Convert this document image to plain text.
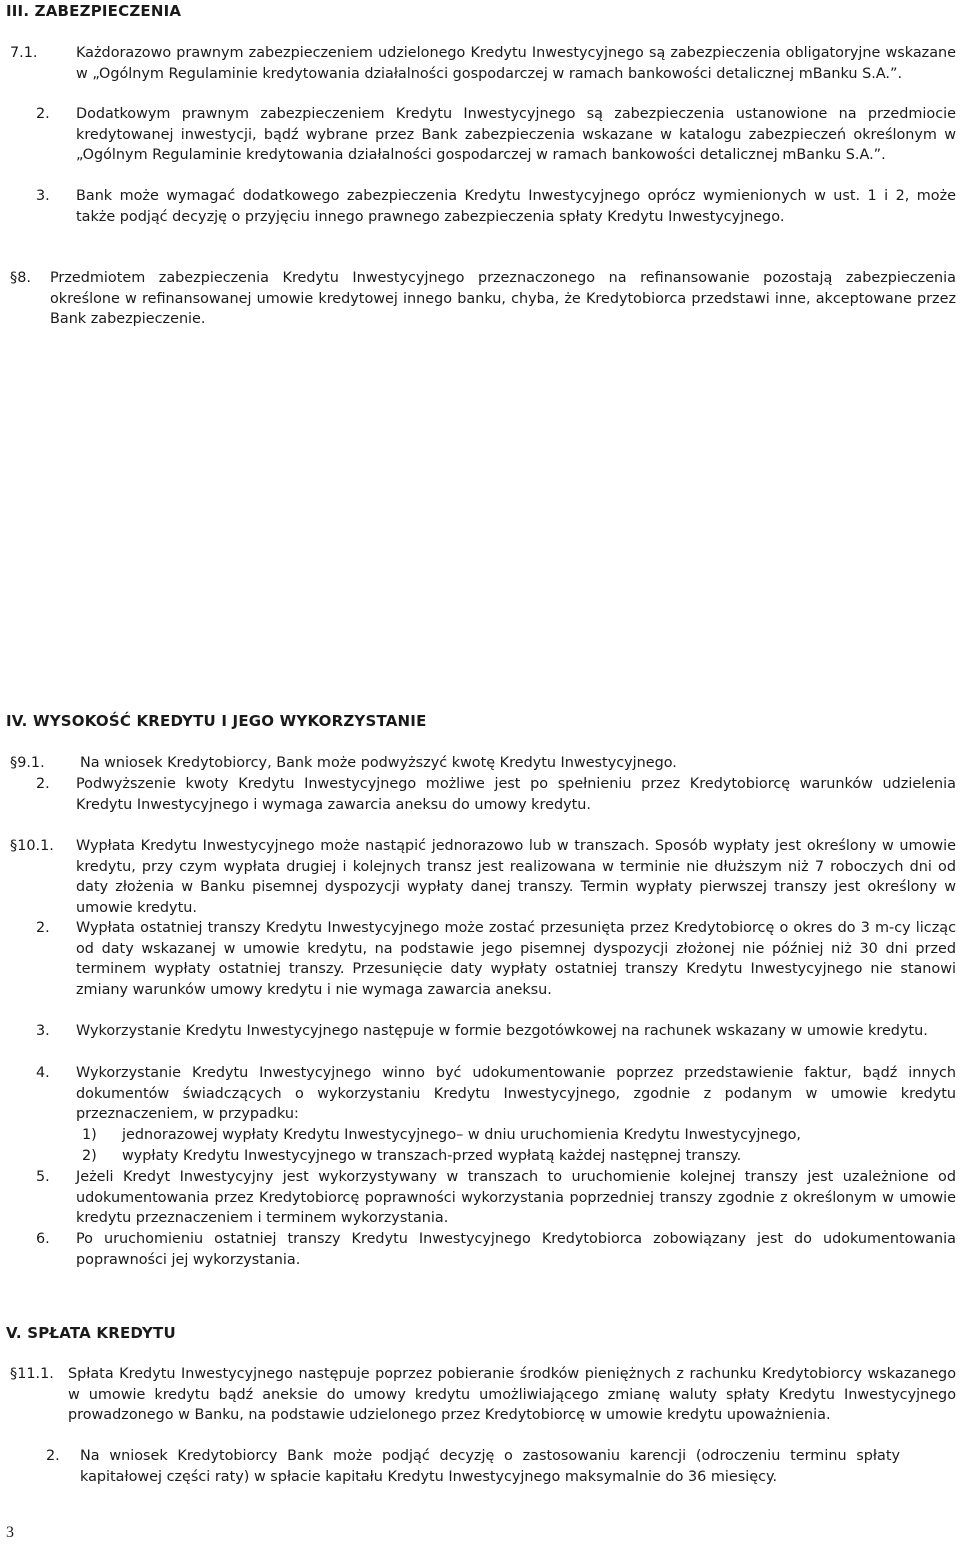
III. ZABEZPIECZENIA
7.1.	Każdorazowo prawnym zabezpieczeniem udzielonego Kredytu Inwestycyjnego są zabezpieczenia obligatoryjne wskazane w „Ogólnym Regulaminie kredytowania działalności gospodarczej w ramach bankowości detalicznej mBanku S.A.”.
2. Dodatkowym prawnym zabezpieczeniem Kredytu Inwestycyjnego są zabezpieczenia ustanowione na przedmiocie kredytowanej inwestycji, bądź wybrane przez Bank zabezpieczenia wskazane w katalogu zabezpieczeń określonym w „Ogólnym Regulaminie kredytowania działalności gospodarczej w ramach bankowości detalicznej mBanku S.A.”.
3. Bank może wymagać dodatkowego zabezpieczenia Kredytu Inwestycyjnego oprócz wymienionych w ust. 1 i 2, może także podjąć decyzję o przyjęciu innego prawnego zabezpieczenia spłaty Kredytu Inwestycyjnego.
§8. Przedmiotem zabezpieczenia Kredytu Inwestycyjnego przeznaczonego na refinansowanie pozostają zabezpieczenia określone w refinansowanej umowie kredytowej innego banku, chyba, że Kredytobiorca przedstawi inne, akceptowane przez Bank zabezpieczenie.
IV. WYSOKOŚĆ KREDYTU I JEGO WYKORZYSTANIE
§9.1. Na wniosek Kredytobiorcy, Bank może podwyższyć kwotę Kredytu Inwestycyjnego.
2. Podwyższenie kwoty Kredytu Inwestycyjnego możliwe jest po spełnieniu przez Kredytobiorcę warunków udzielenia Kredytu Inwestycyjnego i wymaga zawarcia aneksu do umowy kredytu.
§10.1. Wypłata Kredytu Inwestycyjnego może nastąpić jednorazowo lub w transzach. Sposób wypłaty jest określony w umowie kredytu, przy czym wypłata drugiej i kolejnych transz jest realizowana w terminie nie dłuższym niż 7 roboczych dni od daty złożenia w Banku pisemnej dyspozycji wypłaty danej transzy. Termin wypłaty pierwszej transzy jest określony w umowie kredytu.
2. Wypłata ostatniej transzy Kredytu Inwestycyjnego może zostać przesunięta przez Kredytobiorcę o okres do 3 m-cy licząc od daty wskazanej w umowie kredytu, na podstawie jego pisemnej dyspozycji złożonej nie później niż 30 dni przed terminem wypłaty ostatniej transzy. Przesunięcie daty wypłaty ostatniej transzy Kredytu Inwestycyjnego nie stanowi zmiany warunków umowy kredytu i nie wymaga zawarcia aneksu.
3. Wykorzystanie Kredytu Inwestycyjnego następuje w formie bezgotówkowej na rachunek wskazany w umowie kredytu.
4. Wykorzystanie Kredytu Inwestycyjnego winno być udokumentowanie poprzez przedstawienie faktur, bądź innych dokumentów świadczących o wykorzystaniu Kredytu Inwestycyjnego, zgodnie z podanym w umowie kredytu przeznaczeniem, w przypadku:
1) jednorazowej wypłaty Kredytu Inwestycyjnego– w dniu uruchomienia Kredytu Inwestycyjnego,
2) wypłaty Kredytu Inwestycyjnego w transzach-przed wypłatą każdej następnej transzy.
5. Jeżeli Kredyt Inwestycyjny jest wykorzystywany w transzach to uruchomienie kolejnej transzy jest uzależnione od udokumentowania przez Kredytobiorcę poprawności wykorzystania poprzedniej transzy zgodnie z określonym w umowie kredytu przeznaczeniem i terminem wykorzystania.
6. Po uruchomieniu ostatniej transzy Kredytu Inwestycyjnego Kredytobiorca zobowiązany jest do udokumentowania poprawności jej wykorzystania.
V. SPŁATA KREDYTU
§11.1. Spłata Kredytu Inwestycyjnego następuje poprzez pobieranie środków pieniężnych z rachunku Kredytobiorcy wskazanego w umowie kredytu bądź aneksie do umowy kredytu umożliwiającego zmianę waluty spłaty Kredytu Inwestycyjnego prowadzonego w Banku, na podstawie udzielonego przez Kredytobiorcę w umowie kredytu upoważnienia.
2. Na wniosek Kredytobiorcy Bank może podjąć decyzję o zastosowaniu karencji (odroczeniu terminu spłaty kapitałowej części raty) w spłacie kapitału Kredytu Inwestycyjnego maksymalnie do 36 miesięcy.
3
